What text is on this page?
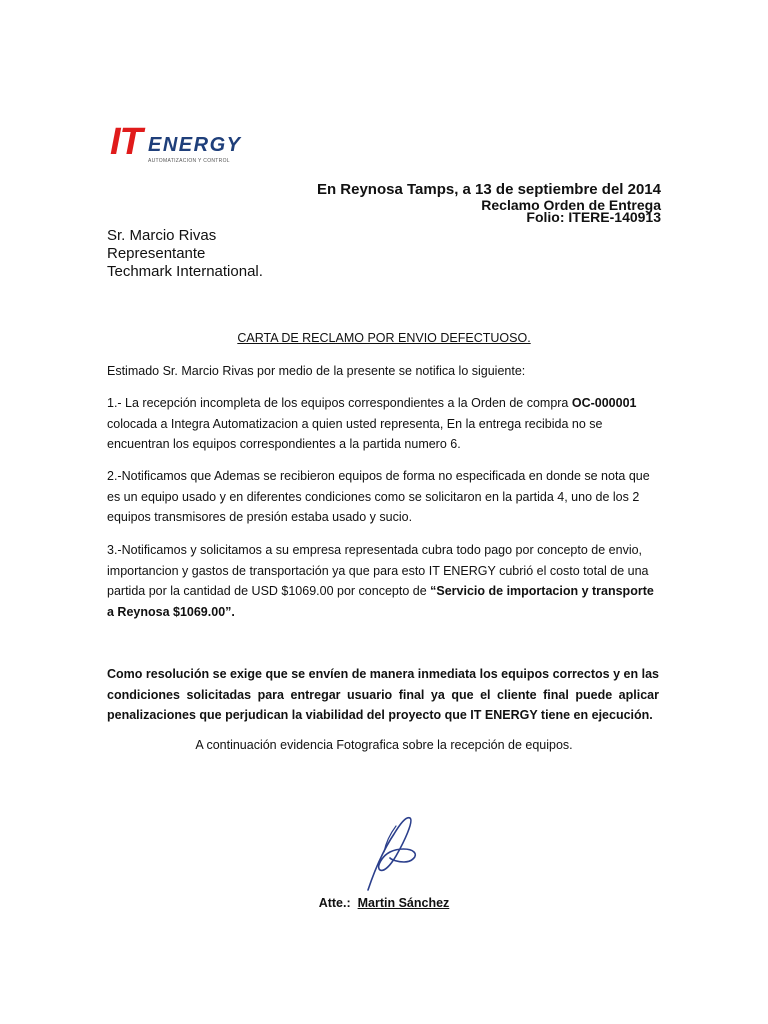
IT ENERGY
AUTOMATIZACION Y CONTROL
En Reynosa Tamps, a 13 de septiembre del 2014
Reclamo Orden de Entrega
Folio: ITERE-140913
Sr. Marcio Rivas
Representante
Techmark International.
CARTA DE RECLAMO POR ENVIO DEFECTUOSO.
Estimado Sr. Marcio Rivas por medio de la presente se notifica lo siguiente:
1.- La recepción incompleta de los equipos correspondientes a la Orden de compra OC-000001 colocada a Integra Automatizacion a quien usted representa, En la entrega recibida no se encuentran los equipos correspondientes a la partida numero 6.
2.-Notificamos que Ademas se recibieron equipos de forma no especificada en donde se nota que es un equipo usado y en diferentes condiciones como se solicitaron en la partida 4, uno de los 2 equipos transmisores de presión estaba usado y sucio.
3.-Notificamos y solicitamos a su empresa representada cubra todo pago por concepto de envio, importancion y gastos de transportación ya que para esto IT ENERGY cubrió el costo total de una partida por la cantidad de USD $1069.00 por concepto de “Servicio de importacion y transporte a Reynosa $1069.00”.
Como resolución se exige que se envíen de manera inmediata los equipos correctos y en las condiciones solicitadas para entregar usuario final ya que el cliente final puede aplicar penalizaciones que perjudican la viabilidad del proyecto que IT ENERGY tiene en ejecución.
A continuación evidencia Fotografica sobre la recepción de equipos.
Atte.: Martin Sánchez
